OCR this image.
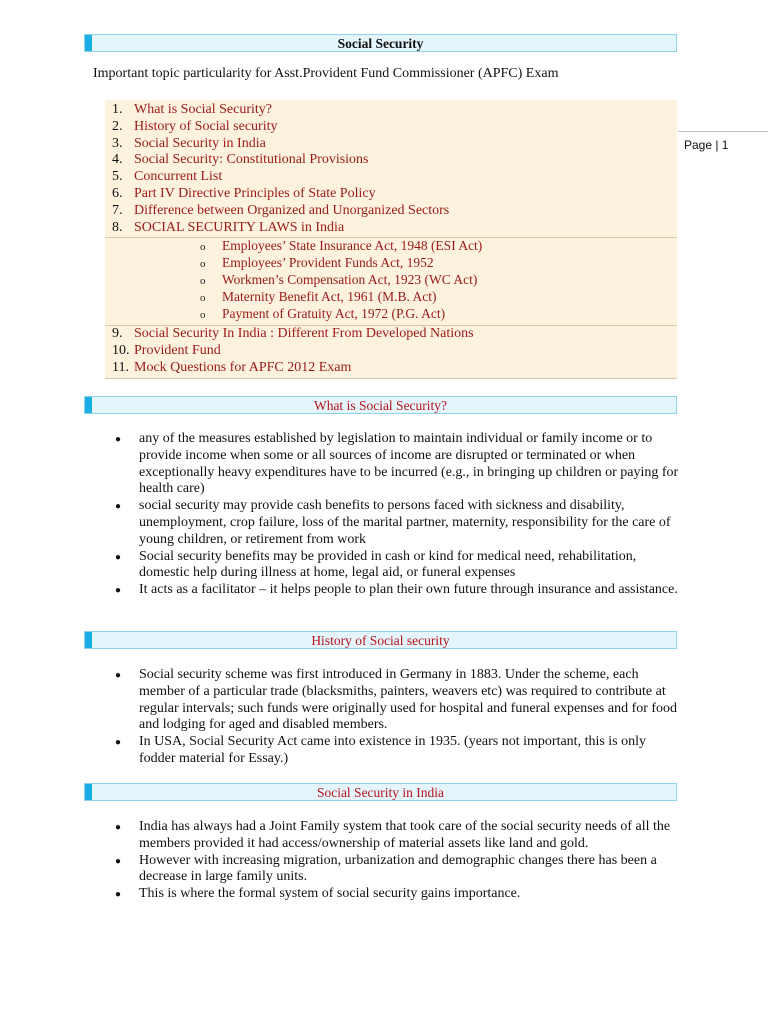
Page | 1
Social Security
Important topic particularity for Asst.Provident Fund Commissioner (APFC) Exam
1. What is Social Security?
2. History of Social security
3. Social Security in India
4. Social Security: Constitutional Provisions
5. Concurrent List
6. Part IV Directive Principles of State Policy
7. Difference between Organized and Unorganized Sectors
8. SOCIAL SECURITY LAWS in India
o Employees’ State Insurance Act, 1948 (ESI Act)
o Employees’ Provident Funds Act, 1952
o Workmen’s Compensation Act, 1923 (WC Act)
o Maternity Benefit Act, 1961 (M.B. Act)
o Payment of Gratuity Act, 1972 (P.G. Act)
9. Social Security In India : Different From Developed Nations
10. Provident Fund
11. Mock Questions for APFC 2012 Exam
What is Social Security?
● any of the measures established by legislation to maintain individual or family income or to provide income when some or all sources of income are disrupted or terminated or when exceptionally heavy expenditures have to be incurred (e.g., in bringing up children or paying for health care)
● social security may provide cash benefits to persons faced with sickness and disability, unemployment, crop failure, loss of the marital partner, maternity, responsibility for the care of young children, or retirement from work
● Social security benefits may be provided in cash or kind for medical need, rehabilitation, domestic help during illness at home, legal aid, or funeral expenses
● It acts as a facilitator – it helps people to plan their own future through insurance and assistance.
History of Social security
● Social security scheme was first introduced in Germany in 1883. Under the scheme, each member of a particular trade (blacksmiths, painters, weavers etc) was required to contribute at regular intervals; such funds were originally used for hospital and funeral expenses and for food and lodging for aged and disabled members.
● In USA, Social Security Act came into existence in 1935. (years not important, this is only fodder material for Essay.)
Social Security in India
● India has always had a Joint Family system that took care of the social security needs of all the members provided it had access/ownership of material assets like land and gold.
● However with increasing migration, urbanization and demographic changes there has been a decrease in large family units.
● This is where the formal system of social security gains importance.
